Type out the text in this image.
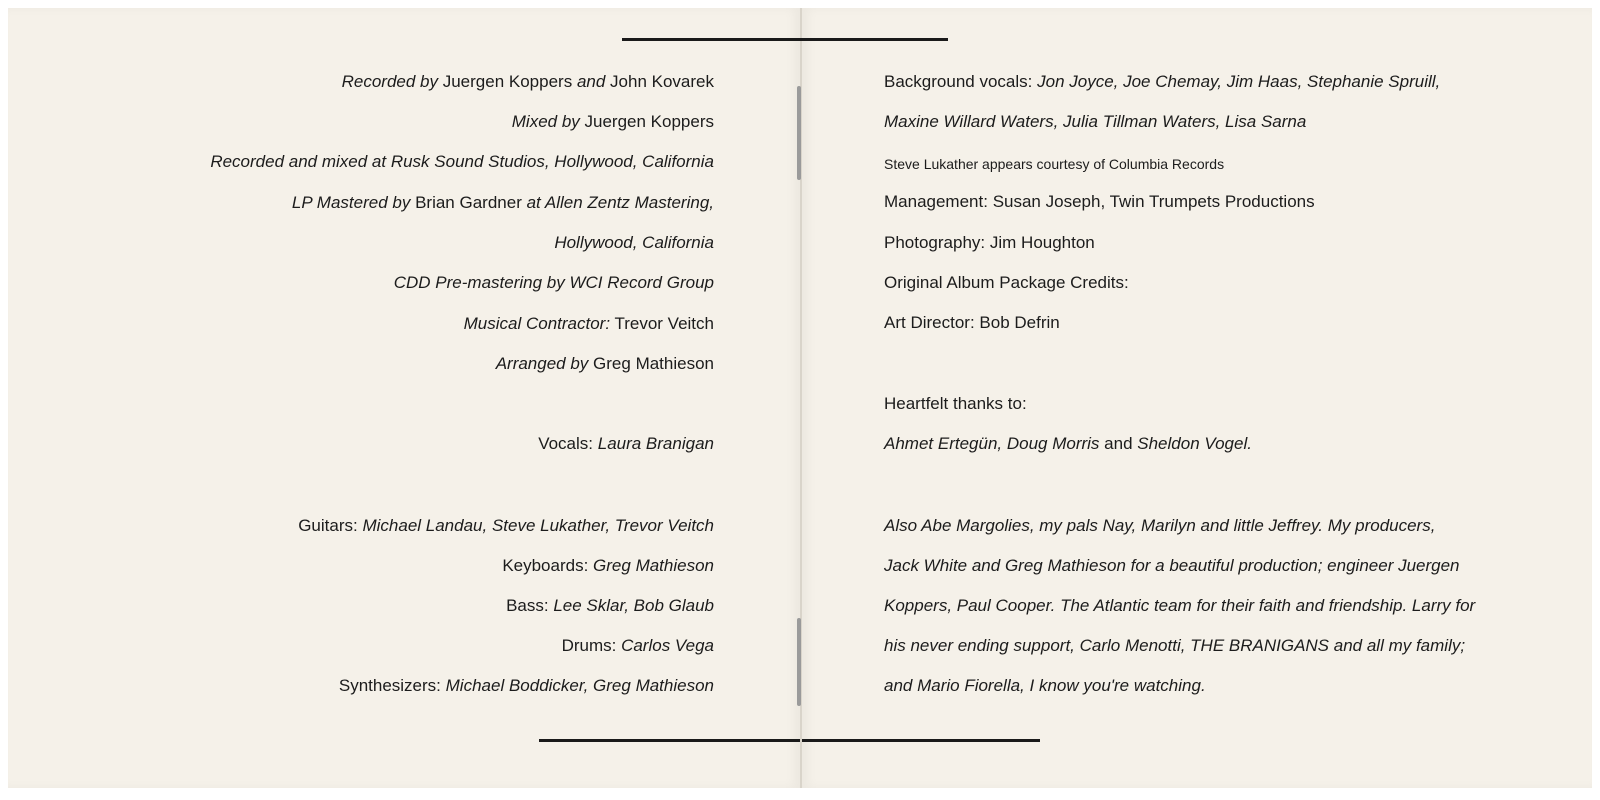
Recorded by Juergen Koppers and John Kovarek
Mixed by Juergen Koppers
Recorded and mixed at Rusk Sound Studios, Hollywood, California
LP Mastered by Brian Gardner at Allen Zentz Mastering,
Hollywood, California
CDD Pre-mastering by WCI Record Group
Musical Contractor: Trevor Veitch
Arranged by Greg Mathieson
Vocals: Laura Branigan
Guitars: Michael Landau, Steve Lukather, Trevor Veitch
Keyboards: Greg Mathieson
Bass: Lee Sklar, Bob Glaub
Drums: Carlos Vega
Synthesizers: Michael Boddicker, Greg Mathieson
Background vocals: Jon Joyce, Joe Chemay, Jim Haas, Stephanie Spruill,
Maxine Willard Waters, Julia Tillman Waters, Lisa Sarna
Steve Lukather appears courtesy of Columbia Records
Management: Susan Joseph, Twin Trumpets Productions
Photography: Jim Houghton
Original Album Package Credits:
Art Director: Bob Defrin
Heartfelt thanks to:
Ahmet Ertegün, Doug Morris and Sheldon Vogel.
Also Abe Margolies, my pals Nay, Marilyn and little Jeffrey. My producers,
Jack White and Greg Mathieson for a beautiful production; engineer Juergen
Koppers, Paul Cooper. The Atlantic team for their faith and friendship. Larry for
his never ending support, Carlo Menotti, THE BRANIGANS and all my family;
and Mario Fiorella, I know you're watching.
